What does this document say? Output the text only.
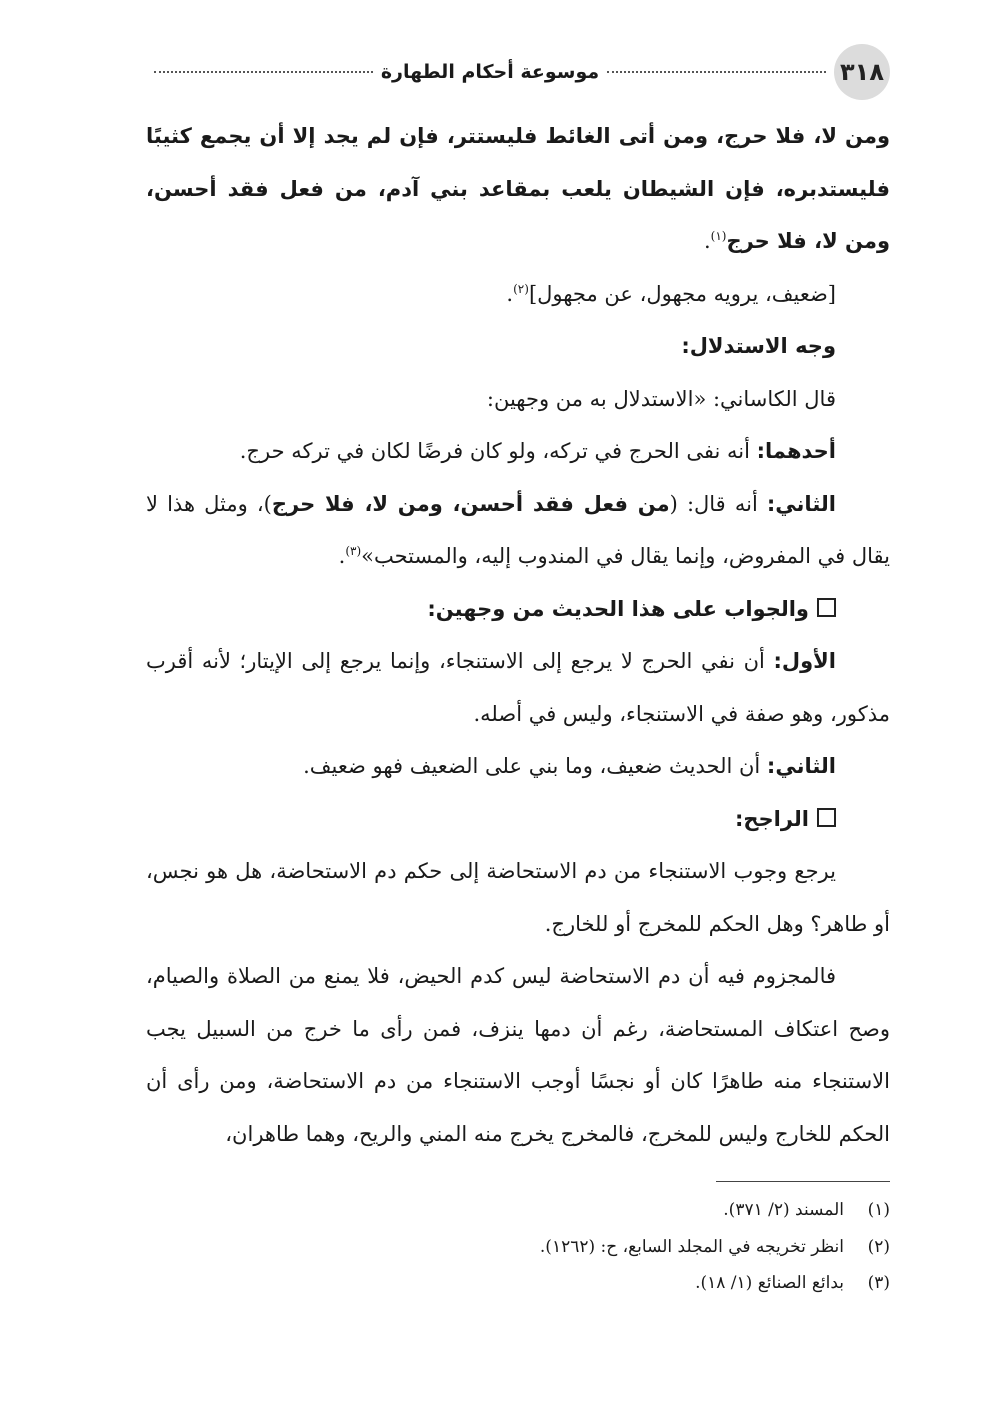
٣١٨
موسوعة أحكام الطهارة

ومن لا، فلا حرج، ومن أتى الغائط فليستتر، فإن لم يجد إلا أن يجمع كثيبًا فليستدبره، فإن الشيطان يلعب بمقاعد بني آدم، من فعل فقد أحسن، ومن لا، فلا حرج$^{(١)}$.

[ضعيف، يرويه مجهول، عن مجهول]$^{(٢)}$.

وجه الاستدلال:

قال الكاساني: «الاستدلال به من وجهين:

أحدهما: أنه نفى الحرج في تركه، ولو كان فرضًا لكان في تركه حرج.

الثاني: أنه قال: (من فعل فقد أحسن، ومن لا، فلا حرج)، ومثل هذا لا يقال في المفروض، وإنما يقال في المندوب إليه، والمستحب»$^{(٣)}$.

والجواب على هذا الحديث من وجهين:

الأول: أن نفي الحرج لا يرجع إلى الاستنجاء، وإنما يرجع إلى الإيتار؛ لأنه أقرب مذكور، وهو صفة في الاستنجاء، وليس في أصله.

الثاني: أن الحديث ضعيف، وما بني على الضعيف فهو ضعيف.

الراجح:

يرجع وجوب الاستنجاء من دم الاستحاضة إلى حكم دم الاستحاضة، هل هو نجس، أو طاهر؟ وهل الحكم للمخرج أو للخارج.

فالمجزوم فيه أن دم الاستحاضة ليس كدم الحيض، فلا يمنع من الصلاة والصيام، وصح اعتكاف المستحاضة، رغم أن دمها ينزف، فمن رأى ما خرج من السبيل يجب الاستنجاء منه طاهرًا كان أو نجسًا أوجب الاستنجاء من دم الاستحاضة، ومن رأى أن الحكم للخارج وليس للمخرج، فالمخرج يخرج منه المني والريح، وهما طاهران،

(١)المسند (٢/ ٣٧١).
(٢)انظر تخريجه في المجلد السابع، ح: (١٢٦٢).
(٣)بدائع الصنائع (١/ ١٨).
